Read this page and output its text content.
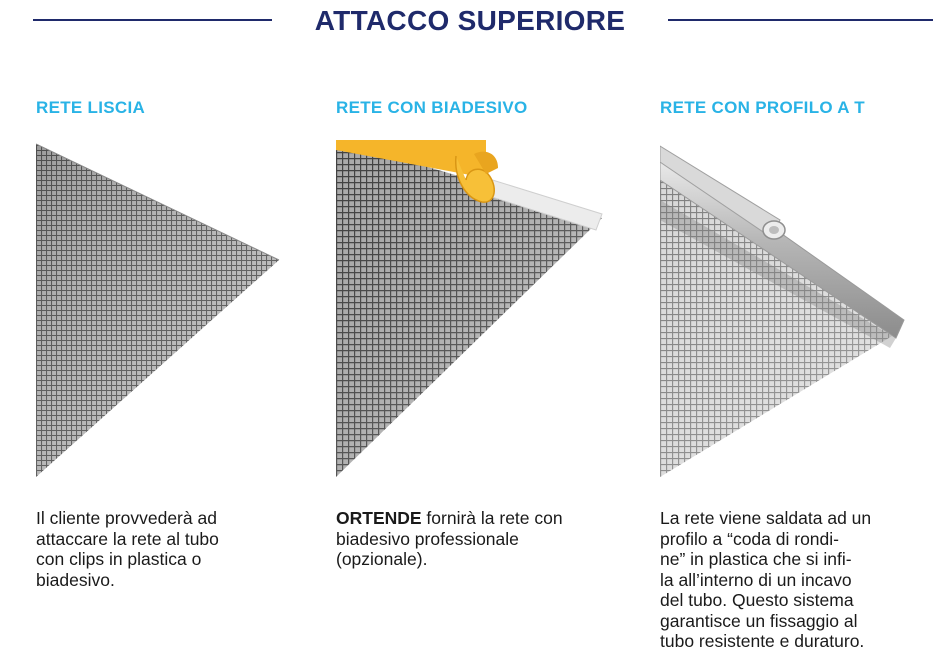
ATTACCO SUPERIORE
RETE LISCIA
Il cliente provvederà ad
attaccare la rete al tubo
con clips in plastica o
biadesivo.
RETE CON BIADESIVO
ORTENDE fornirà la rete con
biadesivo professionale
(opzionale).
RETE CON PROFILO A T
La rete viene saldata ad un
profilo a “coda di rondi-
ne” in plastica che si infi-
la all’interno di un incavo
del tubo. Questo sistema
garantisce un fissaggio al
tubo resistente e duraturo.
